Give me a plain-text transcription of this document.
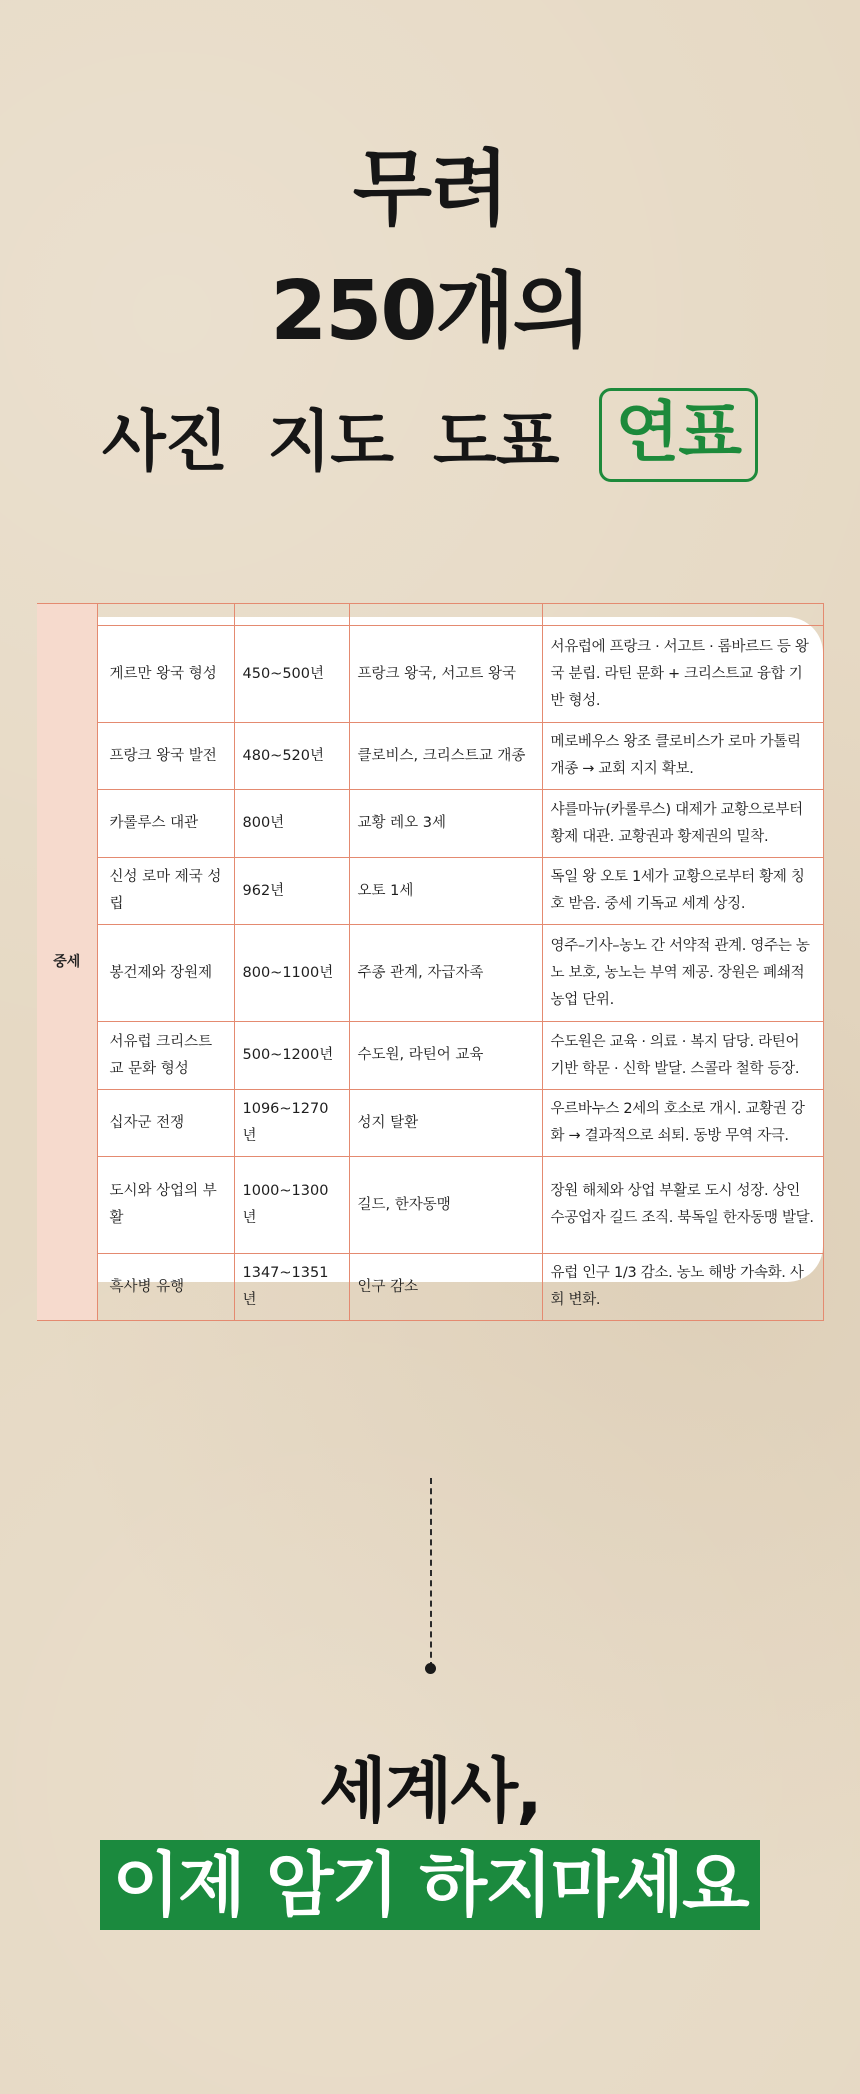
무려
250개의
사진 지도 도표 연표
중세				
	게르만 왕국 형성	450~500년	프랑크 왕국, 서고트 왕국	서유럽에 프랑크 · 서고트 · 롬바르드 등 왕국 분립. 라틴 문화 + 크리스트교 융합 기반 형성.
	프랑크 왕국 발전	480~520년	클로비스, 크리스트교 개종	메로베우스 왕조 클로비스가 로마 가톨릭 개종 → 교회 지지 확보.
	카롤루스 대관	800년	교황 레오 3세	샤를마뉴(카롤루스) 대제가 교황으로부터 황제 대관. 교황권과 황제권의 밀착.
	신성 로마 제국 성립	962년	오토 1세	독일 왕 오토 1세가 교황으로부터 황제 칭호 받음. 중세 기독교 세계 상징.
	봉건제와 장원제	800~1100년	주종 관계, 자급자족	영주–기사–농노 간 서약적 관계. 영주는 농노 보호, 농노는 부역 제공. 장원은 폐쇄적 농업 단위.
	서유럽 크리스트교 문화 형성	500~1200년	수도원, 라틴어 교육	수도원은 교육 · 의료 · 복지 담당. 라틴어 기반 학문 · 신학 발달. 스콜라 철학 등장.
	십자군 전쟁	1096~1270년	성지 탈환	우르바누스 2세의 호소로 개시. 교황권 강화 → 결과적으로 쇠퇴. 동방 무역 자극.
	도시와 상업의 부활	1000~1300년	길드, 한자동맹	장원 해체와 상업 부활로 도시 성장. 상인 수공업자 길드 조직. 북독일 한자동맹 발달.
	흑사병 유행	1347~1351년	인구 감소	유럽 인구 1/3 감소. 농노 해방 가속화. 사회 변화.
세계사,
이제 암기 하지마세요
